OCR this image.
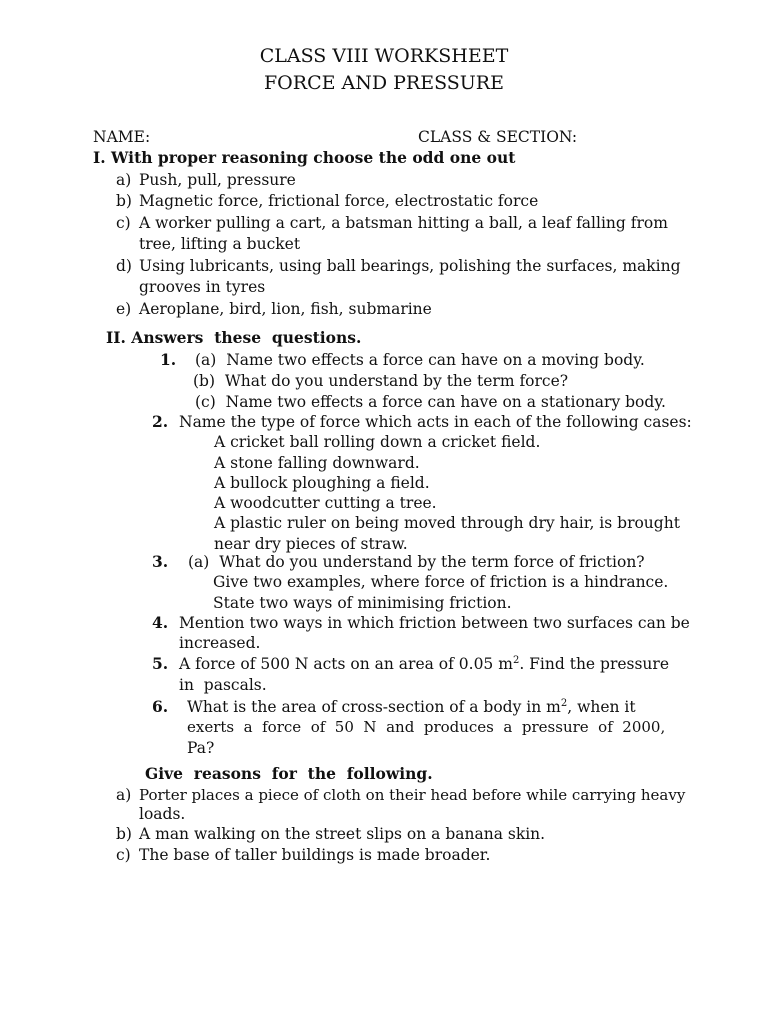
CLASS VIII WORKSHEET
FORCE AND PRESSURE
NAME:	CLASS & SECTION:
I. With proper reasoning choose the odd one out
a) Push, pull, pressure
b) Magnetic force, frictional force, electrostatic force
c) A worker pulling a cart, a batsman hitting a ball, a leaf falling from
tree, lifting a bucket
d) Using lubricants, using ball bearings, polishing the surfaces, making
grooves in tyres
e) Aeroplane, bird, lion, fish, submarine
II. Answers  these  questions.
1. (a)  Name two effects a force can have on a moving body.
(b)  What do you understand by the term force?
(c)  Name two effects a force can have on a stationary body.
2. Name the type of force which acts in each of the following cases:
A cricket ball rolling down a cricket field.
A stone falling downward.
A bullock ploughing a field.
A woodcutter cutting a tree.
A plastic ruler on being moved through dry hair, is brought
near dry pieces of straw.
3. (a)  What do you understand by the term force of friction?
Give two examples, where force of friction is a hindrance.
State two ways of minimising friction.
4. Mention two ways in which friction between two surfaces can be
increased.
5. A force of 500 N acts on an area of 0.05 $m^2$. Find the pressure
in  pascals.
6. What is the area of cross-section of a body in $m^2$, when it
exerts  a  force  of  50  N  and  produces  a  pressure  of  2000,
Pa?
Give  reasons  for  the  following.
a) Porter places a piece of cloth on their head before while carrying heavy
loads.
b) A man walking on the street slips on a banana skin.
c) The base of taller buildings is made broader.
